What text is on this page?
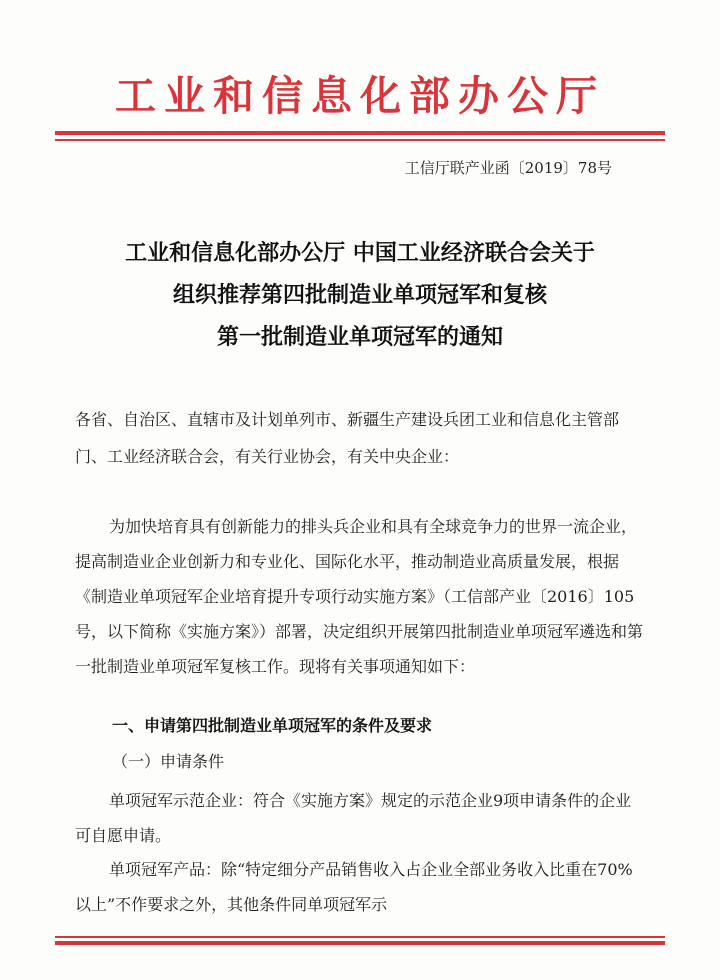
工业和信息化部办公厅
工信厅联产业函〔2019〕78号
工业和信息化部办公厅 中国工业经济联合会关于
组织推荐第四批制造业单项冠军和复核
第一批制造业单项冠军的通知
各省、自治区、直辖市及计划单列市、新疆生产建设兵团工业和信息化主管部门、工业经济联合会，有关行业协会，有关中央企业：
为加快培育具有创新能力的排头兵企业和具有全球竞争力的世界一流企业，提高制造业企业创新力和专业化、国际化水平，推动制造业高质量发展，根据《制造业单项冠军企业培育提升专项行动实施方案》（工信部产业〔2016〕105号，以下简称《实施方案》）部署，决定组织开展第四批制造业单项冠军遴选和第一批制造业单项冠军复核工作。现将有关事项通知如下：
一、申请第四批制造业单项冠军的条件及要求
（一）申请条件
单项冠军示范企业：符合《实施方案》规定的示范企业9项申请条件的企业可自愿申请。
单项冠军产品：除“特定细分产品销售收入占企业全部业务收入比重在70%以上”不作要求之外，其他条件同单项冠军示
